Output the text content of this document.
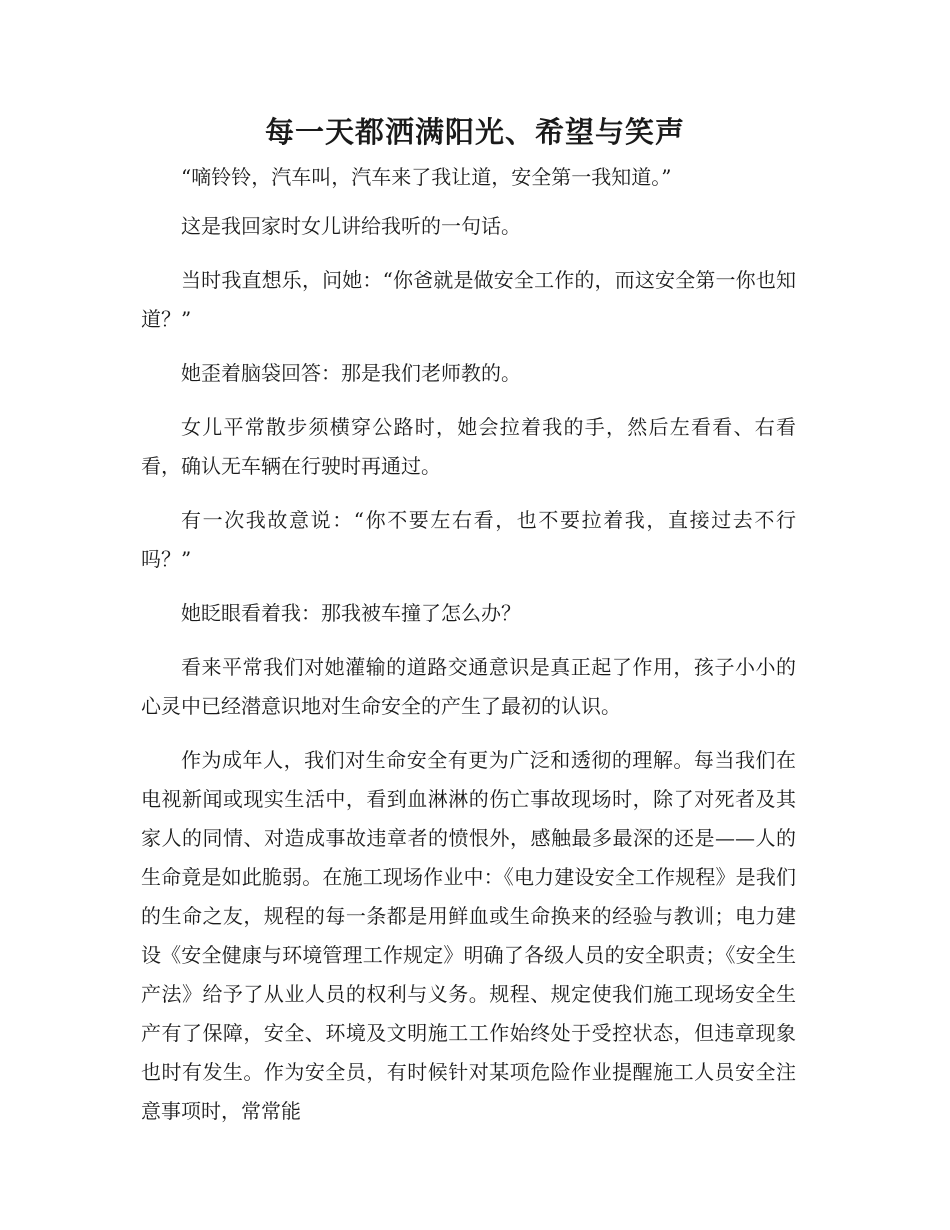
每一天都洒满阳光、希望与笑声

“嘀铃铃，汽车叫，汽车来了我让道，安全第一我知道。”

这是我回家时女儿讲给我听的一句话。

当时我直想乐，问她：“你爸就是做安全工作的，而这安全第一你也知道？”

她歪着脑袋回答：那是我们老师教的。

女儿平常散步须横穿公路时，她会拉着我的手，然后左看看、右看看，确认无车辆在行驶时再通过。

有一次我故意说：“你不要左右看，也不要拉着我，直接过去不行吗？”

她眨眼看着我：那我被车撞了怎么办？

看来平常我们对她灌输的道路交通意识是真正起了作用，孩子小小的心灵中已经潜意识地对生命安全的产生了最初的认识。

作为成年人，我们对生命安全有更为广泛和透彻的理解。每当我们在电视新闻或现实生活中，看到血淋淋的伤亡事故现场时，除了对死者及其家人的同情、对造成事故违章者的愤恨外，感触最多最深的还是——人的生命竟是如此脆弱。在施工现场作业中：《电力建设安全工作规程》是我们的生命之友，规程的每一条都是用鲜血或生命换来的经验与教训；电力建设《安全健康与环境管理工作规定》明确了各级人员的安全职责；《安全生产法》给予了从业人员的权利与义务。规程、规定使我们施工现场安全生产有了保障，安全、环境及文明施工工作始终处于受控状态，但违章现象也时有发生。作为安全员，有时候针对某项危险作业提醒施工人员安全注意事项时，常常能
